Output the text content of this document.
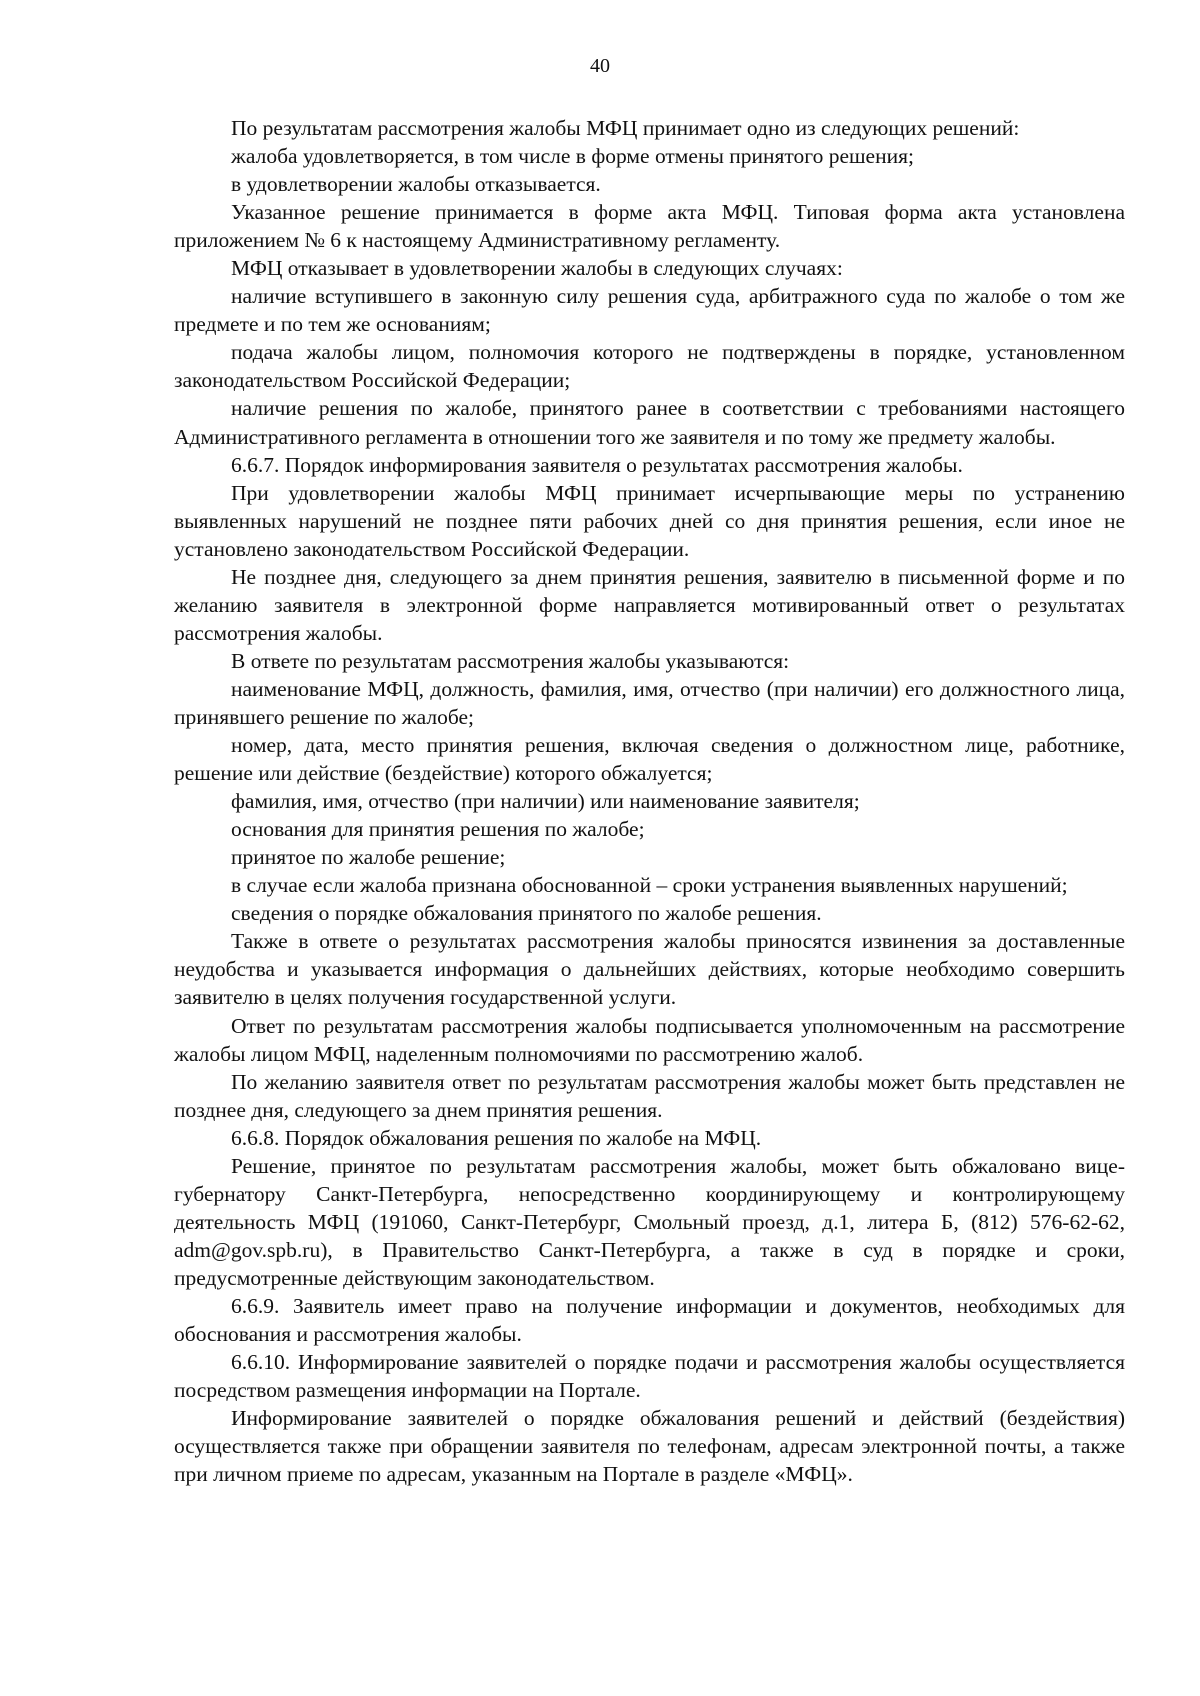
40

По результатам рассмотрения жалобы МФЦ принимает одно из следующих решений:

жалоба удовлетворяется, в том числе в форме отмены принятого решения;

в удовлетворении жалобы отказывается.

Указанное решение принимается в форме акта МФЦ. Типовая форма акта установлена приложением № 6 к настоящему Административному регламенту.

МФЦ отказывает в удовлетворении жалобы в следующих случаях:

наличие вступившего в законную силу решения суда, арбитражного суда по жалобе о том же предмете и по тем же основаниям;

подача жалобы лицом, полномочия которого не подтверждены в порядке, установленном законодательством Российской Федерации;

наличие решения по жалобе, принятого ранее в соответствии с требованиями настоящего Административного регламента в отношении того же заявителя и по тому же предмету жалобы.

6.6.7. Порядок информирования заявителя о результатах рассмотрения жалобы.

При удовлетворении жалобы МФЦ принимает исчерпывающие меры по устранению выявленных нарушений не позднее пяти рабочих дней со дня принятия решения, если иное не установлено законодательством Российской Федерации.

Не позднее дня, следующего за днем принятия решения, заявителю в письменной форме и по желанию заявителя в электронной форме направляется мотивированный ответ о результатах рассмотрения жалобы.

В ответе по результатам рассмотрения жалобы указываются:

наименование МФЦ, должность, фамилия, имя, отчество (при наличии) его должностного лица, принявшего решение по жалобе;

номер, дата, место принятия решения, включая сведения о должностном лице, работнике, решение или действие (бездействие) которого обжалуется;

фамилия, имя, отчество (при наличии) или наименование заявителя;

основания для принятия решения по жалобе;

принятое по жалобе решение;

в случае если жалоба признана обоснованной – сроки устранения выявленных нарушений;

сведения о порядке обжалования принятого по жалобе решения.

Также в ответе о результатах рассмотрения жалобы приносятся извинения за доставленные неудобства и указывается информация о дальнейших действиях, которые необходимо совершить заявителю в целях получения государственной услуги.

Ответ по результатам рассмотрения жалобы подписывается уполномоченным на рассмотрение жалобы лицом МФЦ, наделенным полномочиями по рассмотрению жалоб.

По желанию заявителя ответ по результатам рассмотрения жалобы может быть представлен не позднее дня, следующего за днем принятия решения.

6.6.8. Порядок обжалования решения по жалобе на МФЦ.

Решение, принятое по результатам рассмотрения жалобы, может быть обжаловано вице-губернатору Санкт-Петербурга, непосредственно координирующему и контролирующему деятельность МФЦ (191060, Санкт-Петербург, Смольный проезд, д.1, литера Б, (812) 576-62-62, adm@gov.spb.ru), в Правительство Санкт-Петербурга, а также в суд в порядке и сроки, предусмотренные действующим законодательством.

6.6.9. Заявитель имеет право на получение информации и документов, необходимых для обоснования и рассмотрения жалобы.

6.6.10. Информирование заявителей о порядке подачи и рассмотрения жалобы осуществляется посредством размещения информации на Портале.

Информирование заявителей о порядке обжалования решений и действий (бездействия) осуществляется также при обращении заявителя по телефонам, адресам электронной почты, а также при личном приеме по адресам, указанным на Портале в разделе «МФЦ».
